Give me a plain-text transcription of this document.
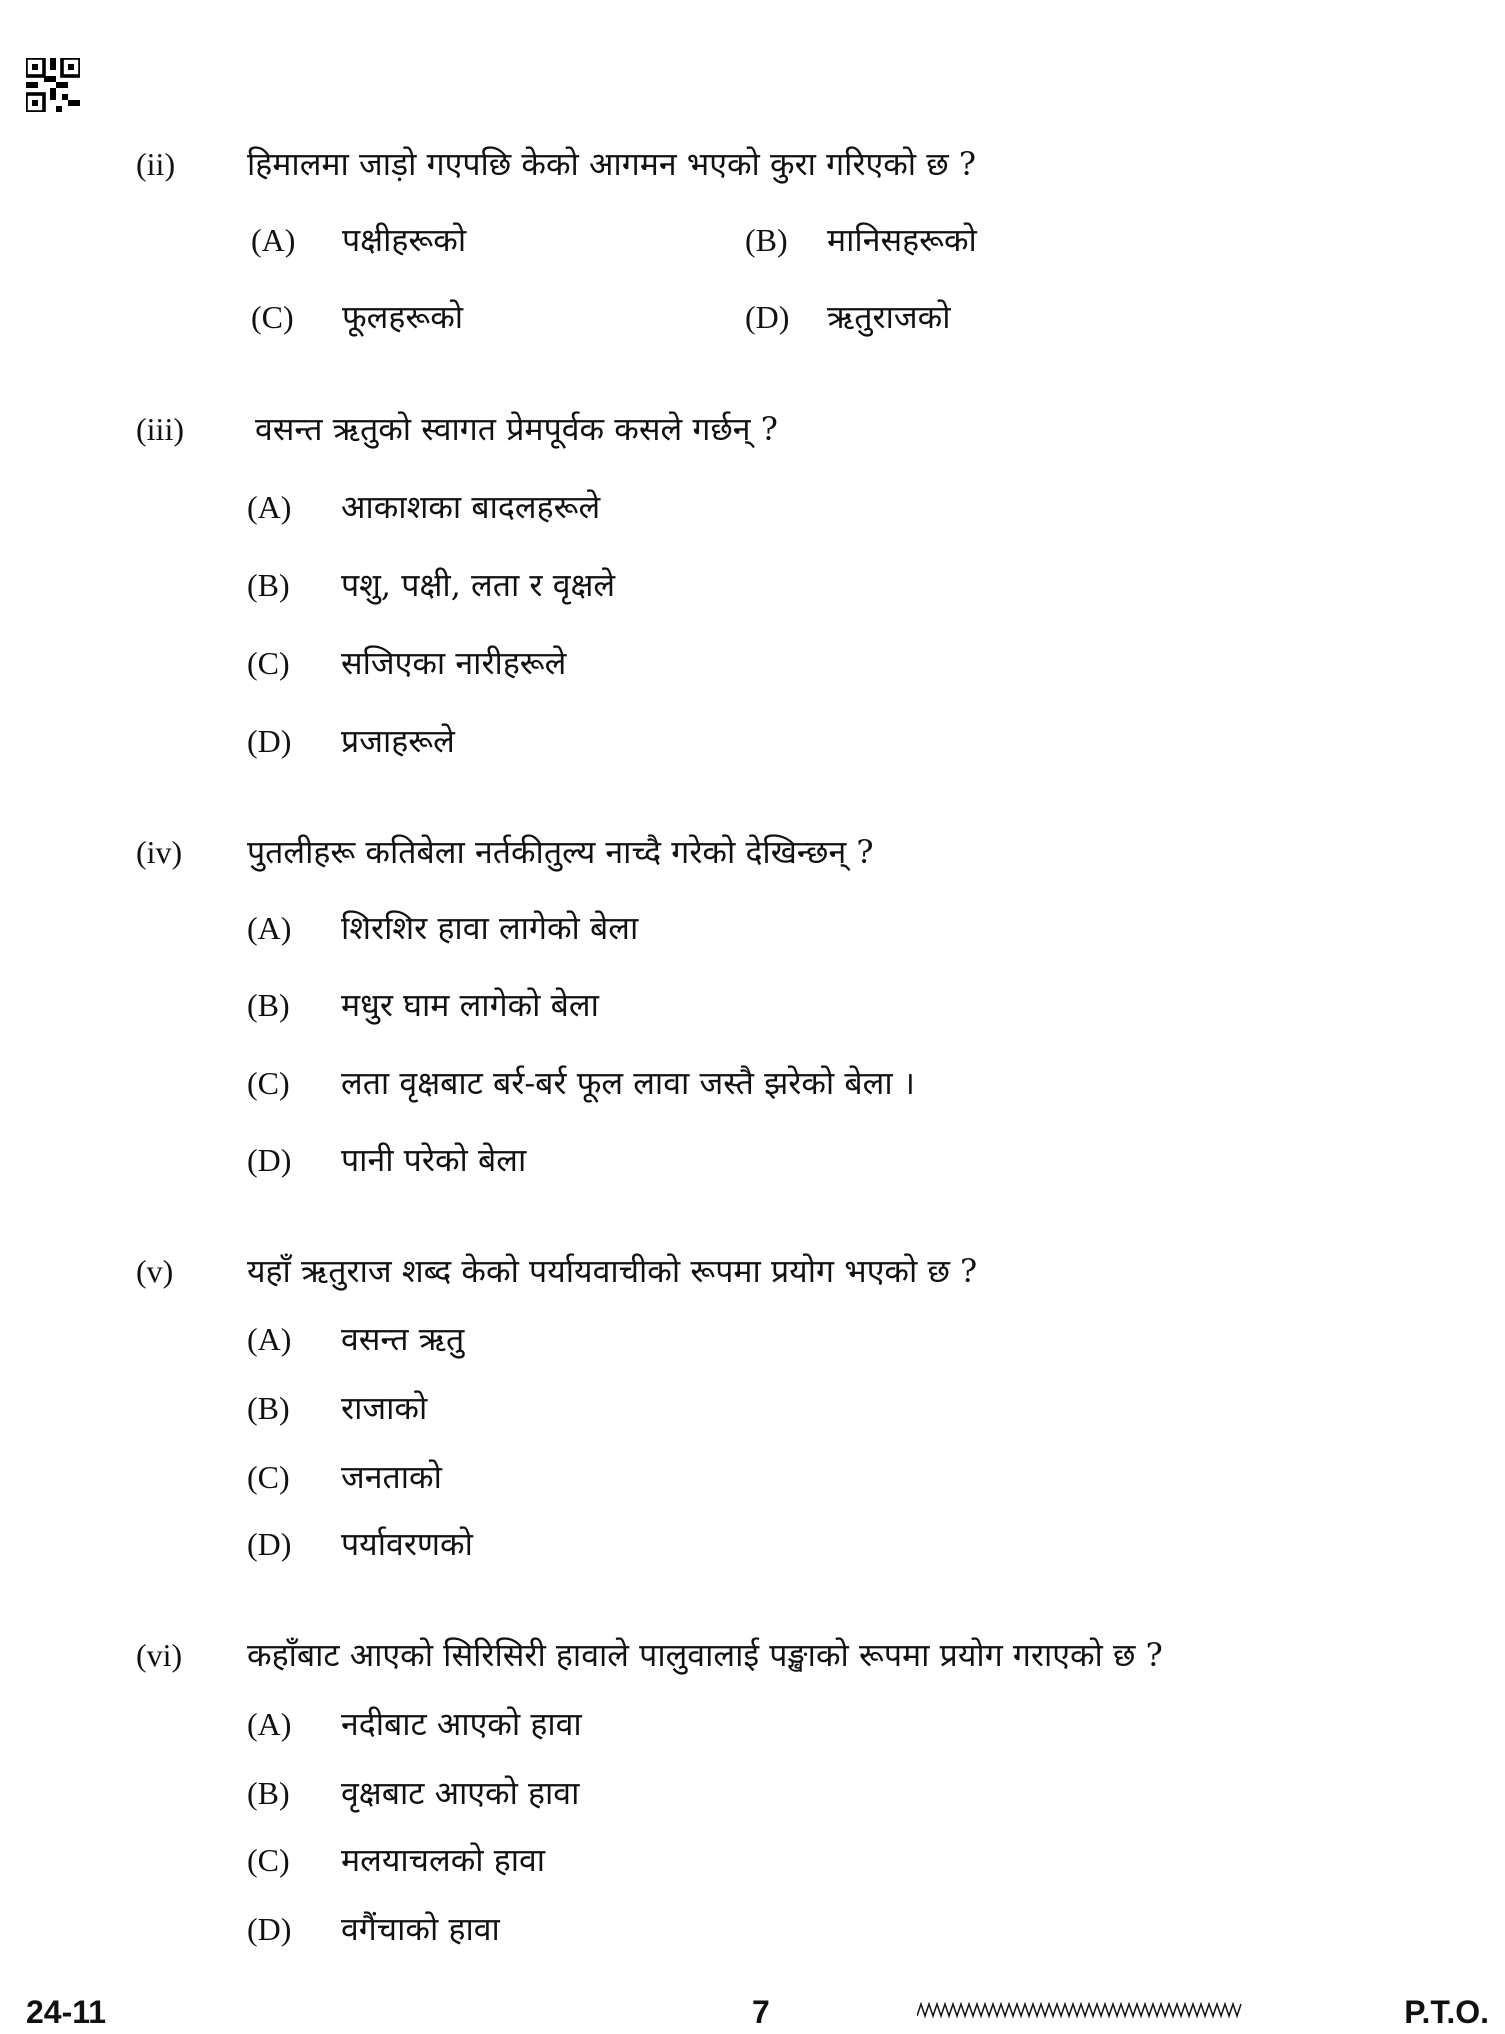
(ii) हिमालमा जाड़ो गएपछि केको आगमन भएको कुरा गरिएको छ ?
(A) पक्षीहरूको	(B) मानिसहरूको
(C) फूलहरूको	(D) ऋतुराजको
(iii) वसन्त ऋतुको स्वागत प्रेमपूर्वक कसले गर्छन् ?
(A) आकाशका बादलहरूले
(B) पशु, पक्षी, लता र वृक्षले
(C) सजिएका नारीहरूले
(D) प्रजाहरूले
(iv) पुतलीहरू कतिबेला नर्तकीतुल्य नाच्दै गरेको देखिन्छन् ?
(A) शिरशिर हावा लागेको बेला
(B) मधुर घाम लागेको बेला
(C) लता वृक्षबाट बर्र-बर्र फूल लावा जस्तै झरेको बेला ।
(D) पानी परेको बेला
(v) यहाँ ऋतुराज शब्द केको पर्यायवाचीको रूपमा प्रयोग भएको छ ?
(A) वसन्त ऋतु
(B) राजाको
(C) जनताको
(D) पर्यावरणको
(vi) कहाँबाट आएको सिरिसिरी हावाले पालुवालाई पङ्खाको रूपमा प्रयोग गराएको छ ?
(A) नदीबाट आएको हावा
(B) वृक्षबाट आएको हावा
(C) मलयाचलको हावा
(D) वगैंचाको हावा
24-11	7	P.T.O.
